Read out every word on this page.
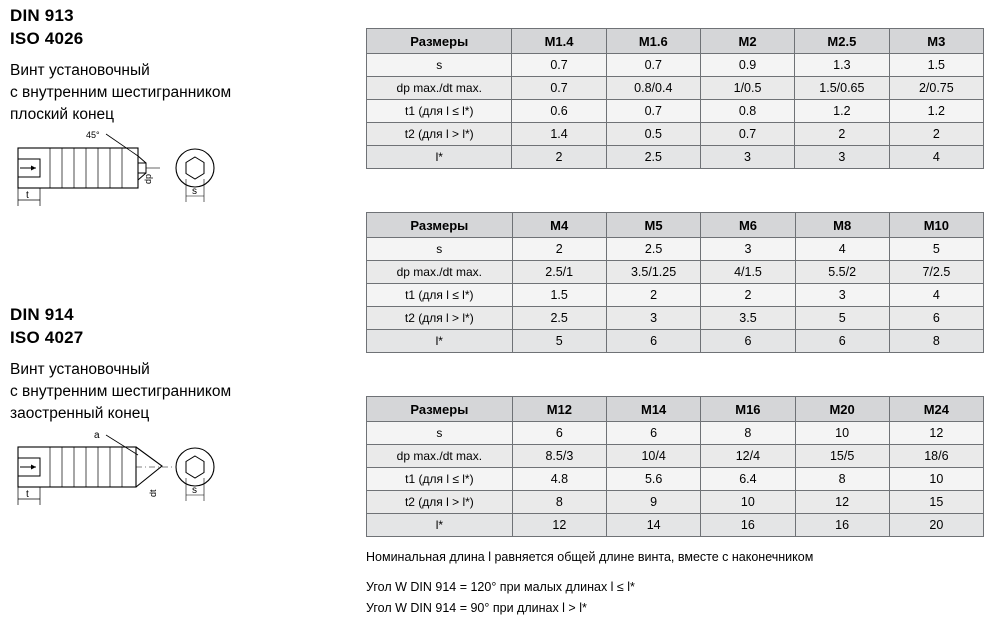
DIN 913
ISO 4026
Винт установочный
с внутренним шестигранником
плоский конец
45°
t
dp
s
DIN 914
ISO 4027
Винт установочный
с внутренним шестигранником
заостренный конец
a
t	dt	s
Размеры	M1.4	M1.6	M2	M2.5	M3
s	0.7	0.7	0.9	1.3	1.5
dp max./dt max.	0.7	0.8/0.4	1/0.5	1.5/0.65	2/0.75
t1 (для l ≤ l*)	0.6	0.7	0.8	1.2	1.2
t2 (для l > l*)	1.4	0.5	0.7	2	2
l*	2	2.5	3	3	4
Размеры	M4	M5	M6	M8	M10
s	2	2.5	3	4	5
dp max./dt max.	2.5/1	3.5/1.25	4/1.5	5.5/2	7/2.5
t1 (для l ≤ l*)	1.5	2	2	3	4
t2 (для l > l*)	2.5	3	3.5	5	6
l*	5	6	6	6	8
Размеры	M12	M14	M16	M20	M24
s	6	6	8	10	12
dp max./dt max.	8.5/3	10/4	12/4	15/5	18/6
t1 (для l ≤ l*)	4.8	5.6	6.4	8	10
t2 (для l > l*)	8	9	10	12	15
l*	12	14	16	16	20
Номинальная длина l равняется общей длине винта, вместе с наконечником
Угол W DIN 914 = 120° при малых длинах l ≤ l*
Угол W DIN 914 = 90° при длинах l > l*
